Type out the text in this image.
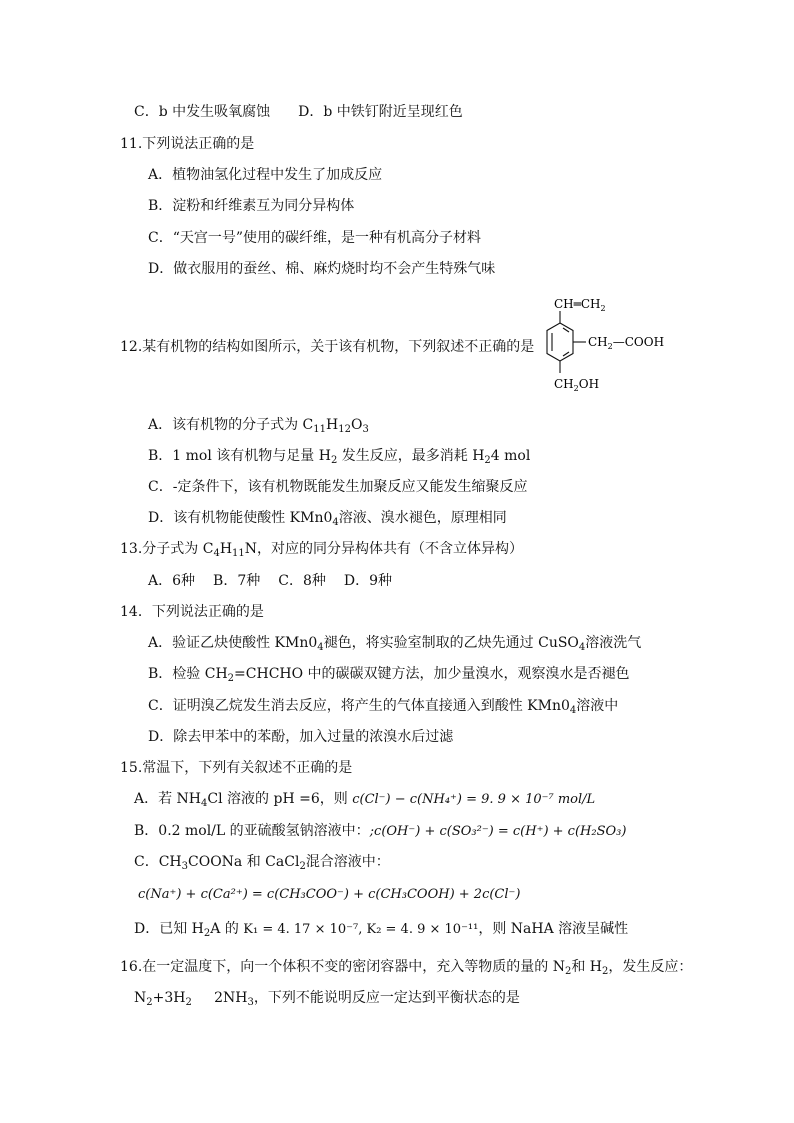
C．b 中发生吸氧腐蚀 D．b 中铁钉附近呈现红色
11.下列说法正确的是
A．植物油氢化过程中发生了加成反应
B．淀粉和纤维素互为同分异构体
C．“天宫一号”使用的碳纤维，是一种有机高分子材料
D．做衣服用的蚕丝、棉、麻灼烧时均不会产生特殊气味
12.某有机物的结构如图所示，关于该有机物，下列叙述不正确的是
$CH═CH_2$
$CH_2—COOH$
$CH_2OH$
A．该有机物的分子式为 $C_{11}H_{12}O_3$
B．1 mol 该有机物与足量 $H_2$ 发生反应，最多消耗 $H_24$ mol
C．-定条件下，该有机物既能发生加聚反应又能发生缩聚反应
D．该有机物能使酸性 $KMn0_4$溶液、溴水褪色，原理相同
13.分子式为 $C_4H_{11}N$，对应的同分异构体共有（不含立体异构）
A．6种 B．7种 C．8种 D．9种
14．下列说法正确的是
A．验证乙炔使酸性 $KMn0_4$褪色，将实验室制取的乙炔先通过 CuSO$_4$溶液洗气
B．检验 $CH_2=CHCHO$ 中的碳碳双键方法，加少量溴水，观察溴水是否褪色
C．证明溴乙烷发生消去反应，将产生的气体直接通入到酸性 $KMn0_4$溶液中
D．除去甲苯中的苯酚，加入过量的浓溴水后过滤
15.常温下，下列有关叙述不正确的是
A．若 $NH_4Cl$ 溶液的 pH =6，则 c(Cl⁻) − c(NH₄⁺) = 9. 9 × 10⁻⁷ mol/L
B．0.2 mol/L 的亚硫酸氢钠溶液中：;c(OH⁻) + c(SO₃²⁻) = c(H⁺) + c(H₂SO₃)
C．$CH_3COONa$ 和 CaCl$_2$混合溶液中：
c(Na⁺) + c(Ca²⁺) = c(CH₃COO⁻) + c(CH₃COOH) + 2c(Cl⁻)
D．已知 $H_2A$ 的 K₁ = 4. 17 × 10⁻⁷, K₂ = 4. 9 × 10⁻¹¹，则 NaHA 溶液呈碱性
16.在一定温度下，向一个体积不变的密闭容器中，充入等物质的量的 $N_2$和 $H_2$，发生反应：
$N_2+3H_2$     $2NH_3$，下列不能说明反应一定达到平衡状态的是
